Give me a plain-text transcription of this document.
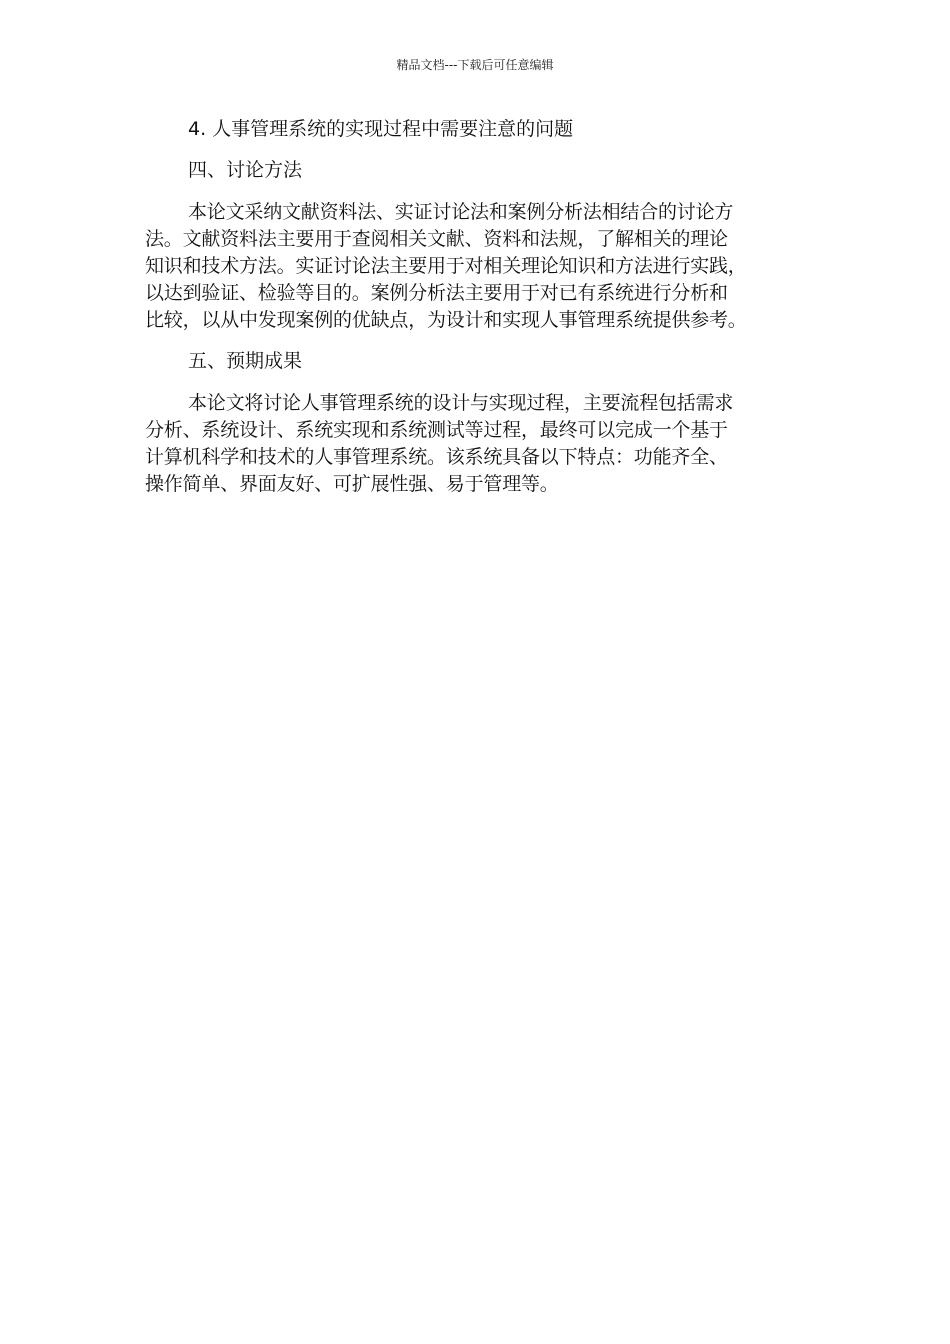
精品文档---下载后可任意编辑
4. 人事管理系统的实现过程中需要注意的问题
四、讨论方法
本论文采纳文献资料法、实证讨论法和案例分析法相结合的讨论方
法。文献资料法主要用于查阅相关文献、资料和法规，了解相关的理论
知识和技术方法。实证讨论法主要用于对相关理论知识和方法进行实践，
以达到验证、检验等目的。案例分析法主要用于对已有系统进行分析和
比较，以从中发现案例的优缺点，为设计和实现人事管理系统提供参考。
五、预期成果
本论文将讨论人事管理系统的设计与实现过程，主要流程包括需求
分析、系统设计、系统实现和系统测试等过程，最终可以完成一个基于
计算机科学和技术的人事管理系统。该系统具备以下特点：功能齐全、
操作简单、界面友好、可扩展性强、易于管理等。
